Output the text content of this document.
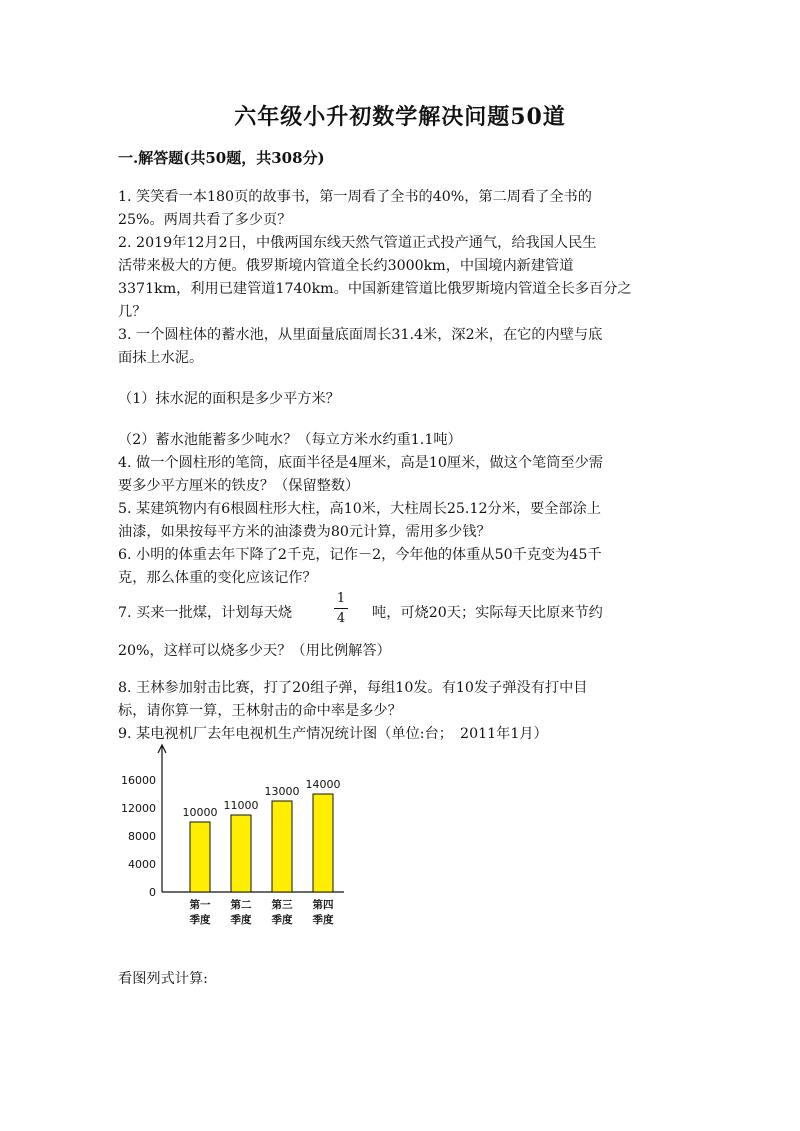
六年级小升初数学解决问题50道
一.解答题(共50题，共308分)

1. 笑笑看一本180页的故事书，第一周看了全书的40%，第二周看了全书的

25%。两周共看了多少页？

2. 2019年12月2日，中俄两国东线天然气管道正式投产通气，给我国人民生

活带来极大的方便。俄罗斯境内管道全长约3000km，中国境内新建管道

3371km，利用已建管道1740km。中国新建管道比俄罗斯境内管道全长多百分之

几？

3. 一个圆柱体的蓄水池，从里面量底面周长31.4米，深2米，在它的内壁与底

面抹上水泥。

（1）抹水泥的面积是多少平方米？

（2）蓄水池能蓄多少吨水？（每立方米水约重1.1吨）

4. 做一个圆柱形的笔筒，底面半径是4厘米，高是10厘米，做这个笔筒至少需

要多少平方厘米的铁皮？（保留整数）

5. 某建筑物内有6根圆柱形大柱，高10米，大柱周长25.12分米，要全部涂上

油漆，如果按每平方米的油漆费为80元计算，需用多少钱？

6. 小明的体重去年下降了2千克，记作－2，今年他的体重从50千克变为45千

克，那么体重的变化应该记作？

7. 买来一批煤，计划每天烧
1
4 吨，可烧20天；实际每天比原来节约

20%，这样可以烧多少天？（用比例解答）

8. 王林参加射击比赛，打了20组子弹，每组10发。有10发子弹没有打中目

标，请你算一算，王林射击的命中率是多少？

9. 某电视机厂去年电视机生产情况统计图（单位:台；　2011年1月）

0
4000
8000
12000
16000
10000
第一
季度
11000
第二
季度
13000
第三
季度
14000
第四
季度
看图列式计算:
